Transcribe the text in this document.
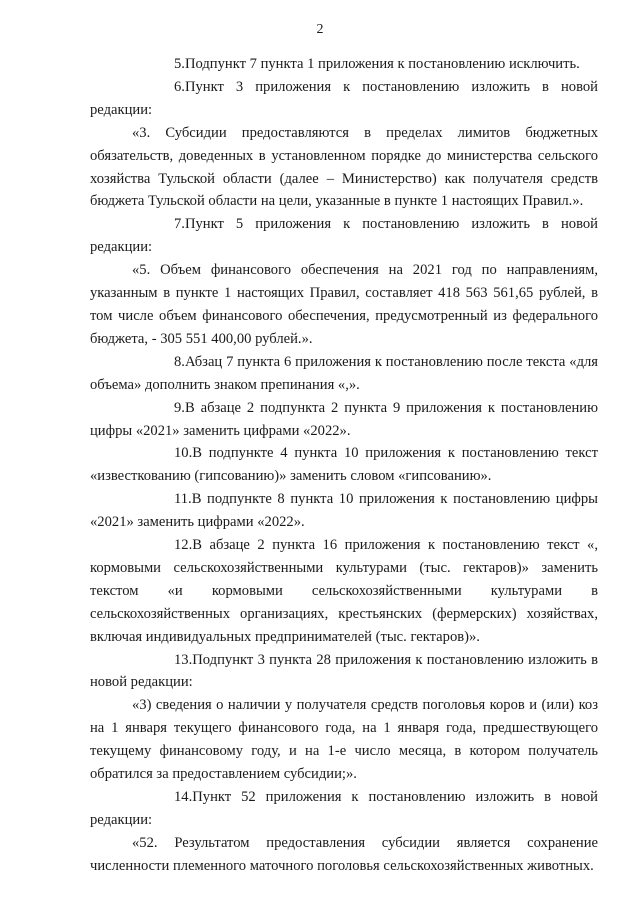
2

5.Подпункт 7 пункта 1 приложения к постановлению исключить.

6.Пункт 3 приложения к постановлению изложить в новой редакции:

«3. Субсидии предоставляются в пределах лимитов бюджетных обязательств, доведенных в установленном порядке до министерства сельского хозяйства Тульской области (далее – Министерство) как получателя средств бюджета Тульской области на цели, указанные в пункте 1 настоящих Правил.».

7.Пункт 5 приложения к постановлению изложить в новой редакции:

«5. Объем финансового обеспечения на 2021 год по направлениям, указанным в пункте 1 настоящих Правил, составляет 418 563 561,65 рублей, в том числе объем финансового обеспечения, предусмотренный из федерального бюджета, - 305 551 400,00 рублей.».

8.Абзац 7 пункта 6 приложения к постановлению после текста «для объема» дополнить знаком препинания «,».

9.В абзаце 2 подпункта 2 пункта 9 приложения к постановлению цифры «2021» заменить цифрами «2022».

10.В подпункте 4 пункта 10 приложения к постановлению текст «известкованию (гипсованию)» заменить словом «гипсованию».

11.В подпункте 8 пункта 10 приложения к постановлению цифры «2021» заменить цифрами «2022».

12.В абзаце 2 пункта 16 приложения к постановлению текст «, кормовыми сельскохозяйственными культурами (тыс. гектаров)» заменить текстом «и кормовыми сельскохозяйственными культурами в сельскохозяйственных организациях, крестьянских (фермерских) хозяйствах, включая индивидуальных предпринимателей (тыс. гектаров)».

13.Подпункт 3 пункта 28 приложения к постановлению изложить в новой редакции:

«3) сведения о наличии у получателя средств поголовья коров и (или) коз на 1 января текущего финансового года, на 1 января года, предшествующего текущему финансовому году, и на 1-е число месяца, в котором получатель обратился за предоставлением субсидии;».

14.Пункт 52 приложения к постановлению изложить в новой редакции:

«52. Результатом предоставления субсидии является сохранение численности племенного маточного поголовья сельскохозяйственных животных.
